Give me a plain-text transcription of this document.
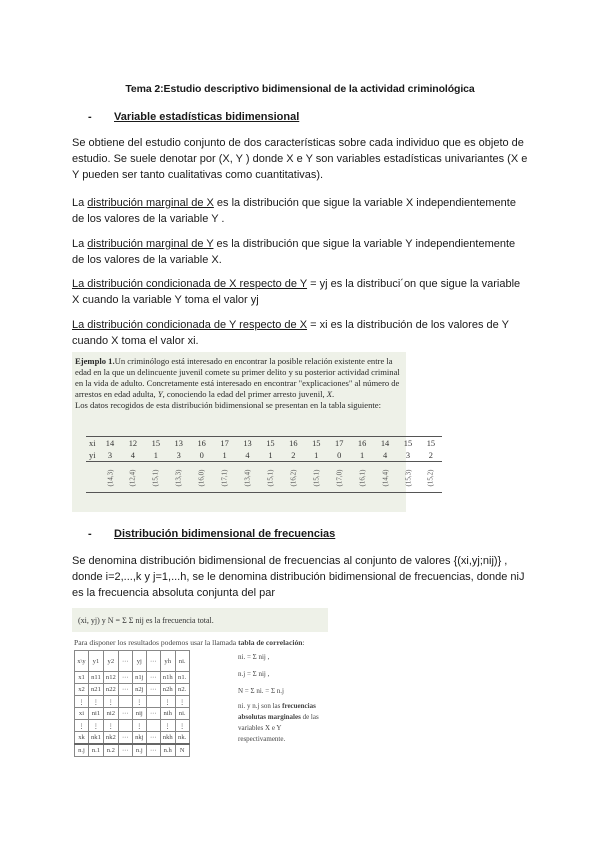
Tema 2:Estudio descriptivo bidimensional de la actividad criminológica
- Variable estadísticas bidimensional
Se obtiene del estudio conjunto de dos características sobre cada individuo que es objeto de estudio. Se suele denotar por (X, Y ) donde X e Y son variables estadísticas univariantes (X e Y pueden ser tanto cualitativas como cuantitativas).
La distribución marginal de X es la distribución que sigue la variable X independientemente de los valores de la variable Y .
La distribución marginal de Y es la distribución que sigue la variable Y independientemente de los valores de la variable X.
La distribución condicionada de X respecto de Y = yj es la distribuci´on que sigue la variable X cuando la variable Y toma el valor yj
La distribución condicionada de Y respecto de X = xi es la distribución de los valores de Y cuando X toma el valor xi.
Ejemplo 1.Un criminólogo está interesado en encontrar la posible relación existente entre la edad en la que un delincuente juvenil comete su primer delito y su posterior actividad criminal en la vida de adulto. Concretamente está interesado en encontrar "explicaciones" al número de arrestos en edad adulta, Y, conociendo la edad del primer arresto juvenil, X.
Los datos recogidos de esta distribución bidimensional se presentan en la tabla siguiente:
xi	14	12	15	13	16	17	13	15	16	15	17	16	14	15	15
yi	3	4	1	3	0	1	4	1	2	1	0	1	4	3	2
	(14,3)	(12,4)	(15,1)	(13,3)	(16,0)	(17,1)	(13,4)	(15,1)	(16,2)	(15,1)	(17,0)	(16,1)	(14,4)	(15,3)	(15,2)
- Distribución bidimensional de frecuencias
Se denomina distribución bidimensional de frecuencias al conjunto de valores {(xi,yj;nij)} , donde i=2,...,k y j=1,...h, se le denomina distribución bidimensional de frecuencias, donde niJ es la frecuencia absoluta conjunta del par
(xi, yj) y N = Σ Σ nij es la frecuencia total.
Para disponer los resultados podemos usar la llamada tabla de correlación:
x\y	y1	y2	···	yj	···	yh	ni.
x1	n11	n12	···	n1j	···	n1h	n1.
x2	n21	n22	···	n2j	···	n2h	n2.
⋮	⋮	⋮		⋮		⋮	⋮
xi	ni1	ni2	···	nij	···	nih	ni.
⋮	⋮	⋮		⋮		⋮	⋮
xk	nk1	nk2	···	nkj	···	nkh	nk.
n.j	n.1	n.2	···	n.j	···	n.h	N
ni. = Σ nij ,
n.j = Σ nij ,
N = Σ ni. = Σ n.j
ni. y n.j son las frecuencias absolutas marginales de las variables X e Y respectivamente.
